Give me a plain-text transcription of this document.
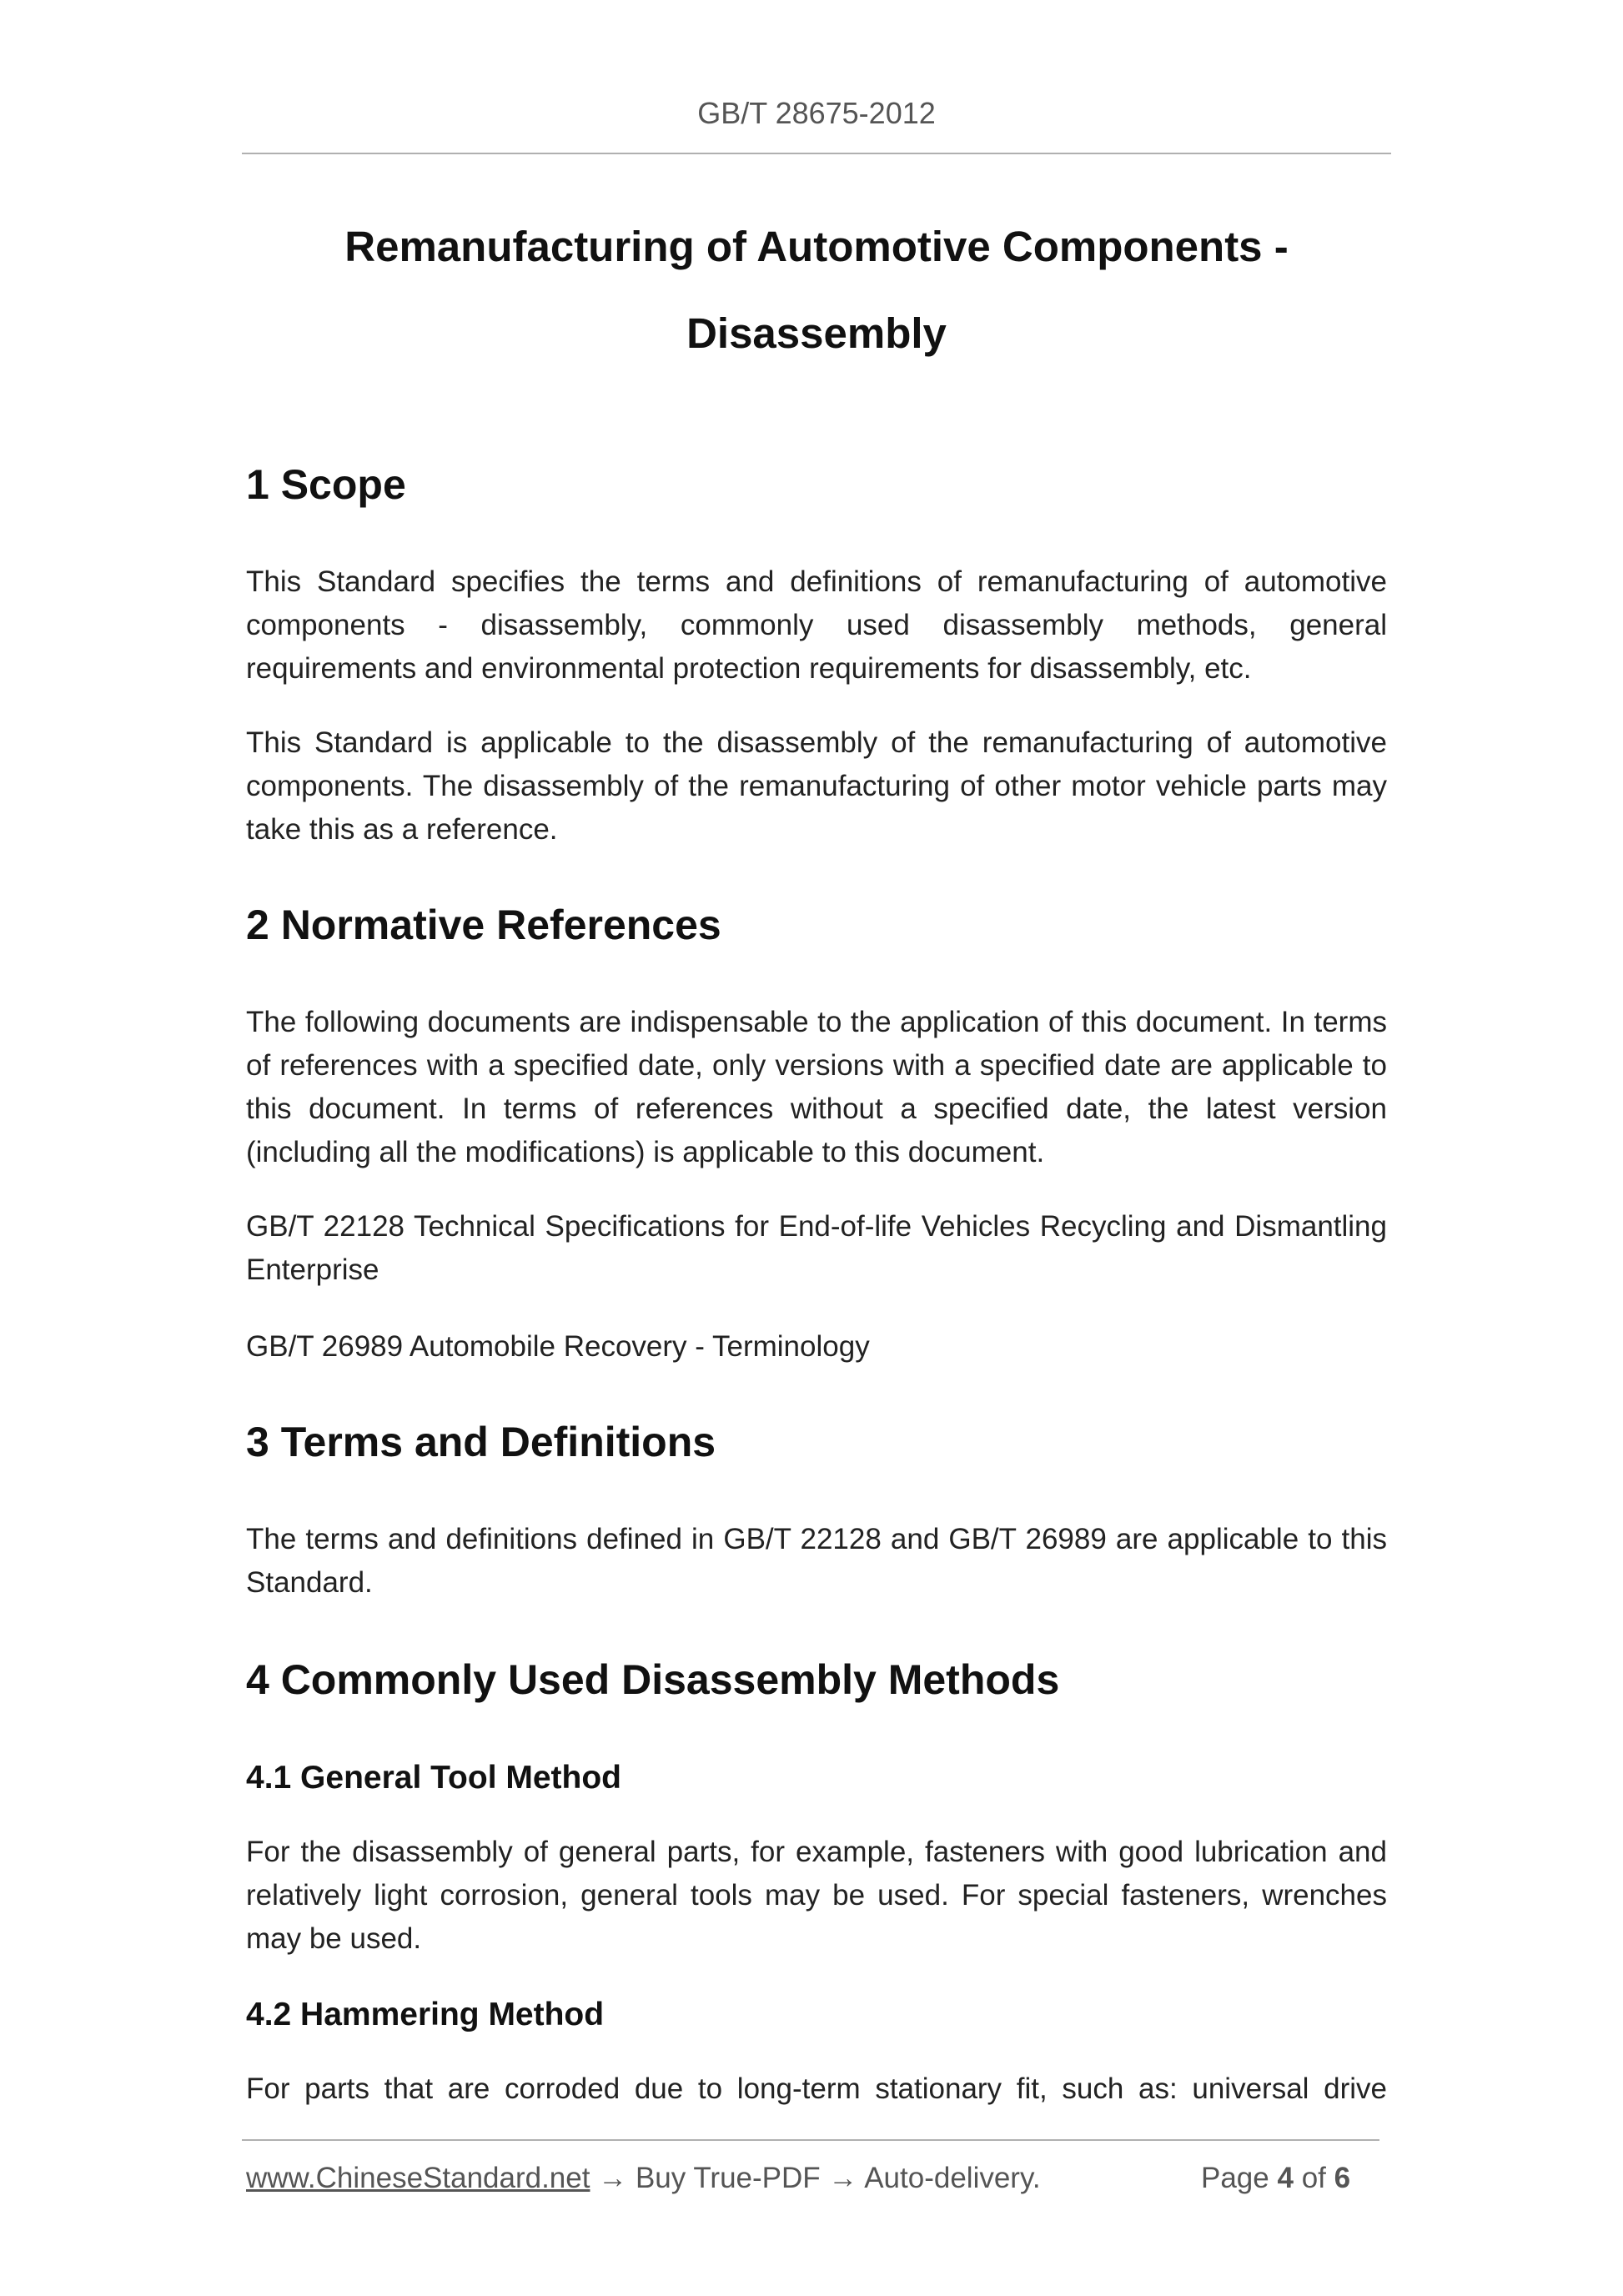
GB/T 28675-2012
Remanufacturing of Automotive Components -
Disassembly
1 Scope
This Standard specifies the terms and definitions of remanufacturing of automotive components - disassembly, commonly used disassembly methods, general requirements and environmental protection requirements for disassembly, etc.
This Standard is applicable to the disassembly of the remanufacturing of automotive components. The disassembly of the remanufacturing of other motor vehicle parts may take this as a reference.
2 Normative References
The following documents are indispensable to the application of this document. In terms of references with a specified date, only versions with a specified date are applicable to this document. In terms of references without a specified date, the latest version (including all the modifications) is applicable to this document.
GB/T 22128 Technical Specifications for End-of-life Vehicles Recycling and Dismantling Enterprise
GB/T 26989 Automobile Recovery - Terminology
3 Terms and Definitions
The terms and definitions defined in GB/T 22128 and GB/T 26989 are applicable to this Standard.
4 Commonly Used Disassembly Methods
4.1 General Tool Method
For the disassembly of general parts, for example, fasteners with good lubrication and relatively light corrosion, general tools may be used. For special fasteners, wrenches may be used.
4.2 Hammering Method
For parts that are corroded due to long-term stationary fit, such as: universal drive
www.ChineseStandard.net → Buy True-PDF → Auto-delivery.	Page 4 of 6
